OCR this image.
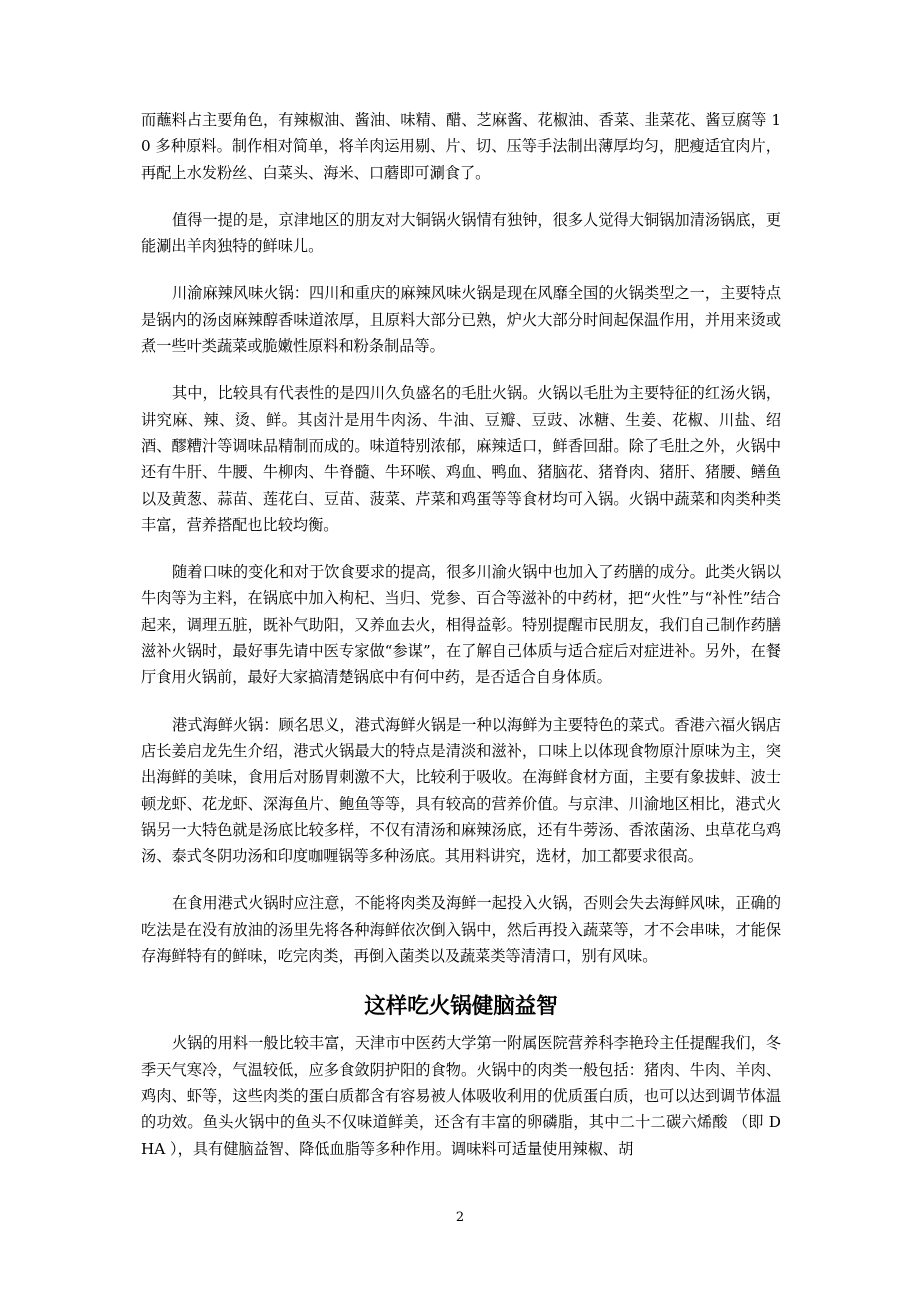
而蘸料占主要角色，有辣椒油、酱油、味精、醋、芝麻酱、花椒油、香菜、韭菜花、酱豆腐等 10 多种原料。制作相对简单，将羊肉运用剔、片、切、压等手法制出薄厚均匀，肥瘦适宜肉片，再配上水发粉丝、白菜头、海米、口蘑即可涮食了。

值得一提的是，京津地区的朋友对大铜锅火锅情有独钟，很多人觉得大铜锅加清汤锅底，更能涮出羊肉独特的鲜味儿。

川渝麻辣风味火锅：四川和重庆的麻辣风味火锅是现在风靡全国的火锅类型之一，主要特点是锅内的汤卤麻辣醇香味道浓厚，且原料大部分已熟，炉火大部分时间起保温作用，并用来烫或煮一些叶类蔬菜或脆嫩性原料和粉条制品等。

其中，比较具有代表性的是四川久负盛名的毛肚火锅。火锅以毛肚为主要特征的红汤火锅，讲究麻、辣、烫、鲜。其卤汁是用牛肉汤、牛油、豆瓣、豆豉、冰糖、生姜、花椒、川盐、绍酒、醪糟汁等调味品精制而成的。味道特别浓郁，麻辣适口，鲜香回甜。除了毛肚之外，火锅中还有牛肝、牛腰、牛柳肉、牛脊髓、牛环喉、鸡血、鸭血、猪脑花、猪脊肉、猪肝、猪腰、鳝鱼以及黄葱、蒜苗、莲花白、豆苗、菠菜、芹菜和鸡蛋等等食材均可入锅。火锅中蔬菜和肉类种类丰富，营养搭配也比较均衡。

随着口味的变化和对于饮食要求的提高，很多川渝火锅中也加入了药膳的成分。此类火锅以牛肉等为主料，在锅底中加入枸杞、当归、党参、百合等滋补的中药材，把“火性”与“补性”结合起来，调理五脏，既补气助阳，又养血去火，相得益彰。特别提醒市民朋友，我们自己制作药膳滋补火锅时，最好事先请中医专家做“参谋”，在了解自己体质与适合症后对症进补。另外，在餐厅食用火锅前，最好大家搞清楚锅底中有何中药，是否适合自身体质。

港式海鲜火锅：顾名思义，港式海鲜火锅是一种以海鲜为主要特色的菜式。香港六福火锅店店长姜启龙先生介绍，港式火锅最大的特点是清淡和滋补，口味上以体现食物原汁原味为主，突出海鲜的美味，食用后对肠胃刺激不大，比较利于吸收。在海鲜食材方面，主要有象拔蚌、波士顿龙虾、花龙虾、深海鱼片、鲍鱼等等，具有较高的营养价值。与京津、川渝地区相比，港式火锅另一大特色就是汤底比较多样，不仅有清汤和麻辣汤底，还有牛蒡汤、香浓菌汤、虫草花乌鸡汤、泰式冬阴功汤和印度咖喱锅等多种汤底。其用料讲究，选材，加工都要求很高。

在食用港式火锅时应注意，不能将肉类及海鲜一起投入火锅，否则会失去海鲜风味，正确的吃法是在没有放油的汤里先将各种海鲜依次倒入锅中，然后再投入蔬菜等，才不会串味，才能保存海鲜特有的鲜味，吃完肉类，再倒入菌类以及蔬菜类等清清口，别有风味。

这样吃火锅健脑益智

火锅的用料一般比较丰富，天津市中医药大学第一附属医院营养科李艳玲主任提醒我们，冬季天气寒冷，气温较低，应多食敛阴护阳的食物。火锅中的肉类一般包括：猪肉、牛肉、羊肉、鸡肉、虾等，这些肉类的蛋白质都含有容易被人体吸收利用的优质蛋白质，也可以达到调节体温的功效。鱼头火锅中的鱼头不仅味道鲜美，还含有丰富的卵磷脂，其中二十二碳六烯酸 （即 DHA ），具有健脑益智、降低血脂等多种作用。调味料可适量使用辣椒、胡

2
